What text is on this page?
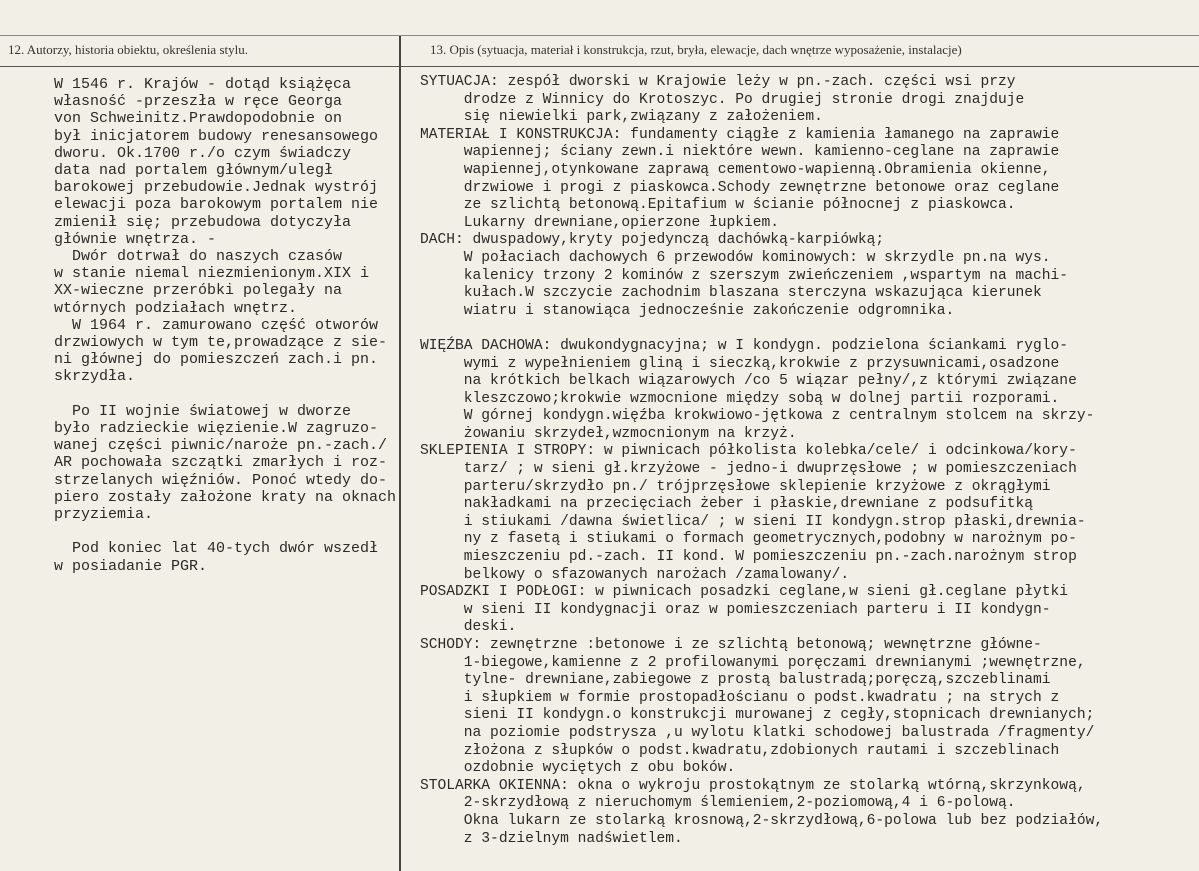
12. Autorzy, historia obiektu, określenia stylu.	13. Opis (sytuacja, materiał i konstrukcja, rzut, bryła, elewacje, dach wnętrze wyposażenie, instalacje)
W 1546 r. Krajów - dotąd książęca
własność -przeszła w ręce Georga
von Schweinitz.Prawdopodobnie on
był inicjatorem budowy renesansowego
dworu. Ok.1700 r./o czym świadczy
data nad portalem głównym/uległ
barokowej przebudowie.Jednak wystrój
elewacji poza barokowym portalem nie
zmienił się; przebudowa dotyczyła
głównie wnętrza. -
Dwór dotrwał do naszych czasów
w stanie niemal niezmienionym.XIX i
XX-wieczne przeróbki polegały na
wtórnych podziałach wnętrz.
W 1964 r. zamurowano część otworów
drzwiowych w tym te,prowadzące z sie-
ni głównej do pomieszczeń zach.i pn.
skrzydła.

Po II wojnie światowej w dworze
było radzieckie więzienie.W zagruzo-
wanej części piwnic/naroże pn.-zach./
AR pochowała szczątki zmarłych i roz-
strzelanych więźniów. Ponoć wtedy do-
piero zostały założone kraty na oknach
przyziemia.

Pod koniec lat 40-tych dwór wszedł
w posiadanie PGR.
SYTUACJA: zespół dworski w Krajowie leży w pn.-zach. części wsi przy
drodze z Winnicy do Krotoszyc. Po drugiej stronie drogi znajduje
się niewielki park,związany z założeniem.
MATERIAŁ I KONSTRUKCJA: fundamenty ciągłe z kamienia łamanego na zaprawie
wapiennej; ściany zewn.i niektóre wewn. kamienno-ceglane na zaprawie
wapiennej,otynkowane zaprawą cementowo-wapienną.Obramienia okienne,
drzwiowe i progi z piaskowca.Schody zewnętrzne betonowe oraz ceglane
ze szlichtą betonową.Epitafium w ścianie północnej z piaskowca.
Lukarny drewniane,opierzone łupkiem.
DACH: dwuspadowy,kryty pojedynczą dachówką-karpiówką;
W połaciach dachowych 6 przewodów kominowych: w skrzydle pn.na wys.
kalenicy trzony 2 kominów z szerszym zwieńczeniem ,wspartym na machi-
kułach.W szczycie zachodnim blaszana sterczyna wskazująca kierunek
wiatru i stanowiąca jednocześnie zakończenie odgromnika.

WIĘŹBA DACHOWA: dwukondygnacyjna; w I kondygn. podzielona ściankami ryglo-
wymi z wypełnieniem gliną i sieczką,krokwie z przysuwnicami,osadzone
na krótkich belkach wiązarowych /co 5 wiązar pełny/,z którymi związane
kleszczowo;krokwie wzmocnione między sobą w dolnej partii rozporami.
W górnej kondygn.więźba krokwiowo-jętkowa z centralnym stolcem na skrzy-
żowaniu skrzydeł,wzmocnionym na krzyż.
SKLEPIENIA I STROPY: w piwnicach półkolista kolebka/cele/ i odcinkowa/kory-
tarz/ ; w sieni gł.krzyżowe - jedno-i dwuprzęsłowe ; w pomieszczeniach
parteru/skrzydło pn./ trójprzęsłowe sklepienie krzyżowe z okrągłymi
nakładkami na przecięciach żeber i płaskie,drewniane z podsufitką
i stiukami /dawna świetlica/ ; w sieni II kondygn.strop płaski,drewnia-
ny z fasetą i stiukami o formach geometrycznych,podobny w narożnym po-
mieszczeniu pd.-zach. II kond. W pomieszczeniu pn.-zach.narożnym strop
belkowy o sfazowanych narożach /zamalowany/.
POSADZKI I PODŁOGI: w piwnicach posadzki ceglane,w sieni gł.ceglane płytki
w sieni II kondygnacji oraz w pomieszczeniach parteru i II kondygn-
deski.
SCHODY: zewnętrzne :betonowe i ze szlichtą betonową; wewnętrzne główne-
1-biegowe,kamienne z 2 profilowanymi poręczami drewnianymi ;wewnętrzne,
tylne- drewniane,zabiegowe z prostą balustradą;poręczą,szczeblinami
i słupkiem w formie prostopadłościanu o podst.kwadratu ; na strych z
sieni II kondygn.o konstrukcji murowanej z cegły,stopnicach drewnianych;
na poziomie podstrysza ,u wylotu klatki schodowej balustrada /fragmenty/
złożona z słupków o podst.kwadratu,zdobionych rautami i szczeblinach
ozdobnie wyciętych z obu boków.
STOLARKA OKIENNA: okna o wykroju prostokątnym ze stolarką wtórną,skrzynkową,
2-skrzydłową z nieruchomym ślemieniem,2-poziomową,4 i 6-polową.
Okna lukarn ze stolarką krosnową,2-skrzydłową,6-polowa lub bez podziałów,
z 3-dzielnym nadświetlem.
